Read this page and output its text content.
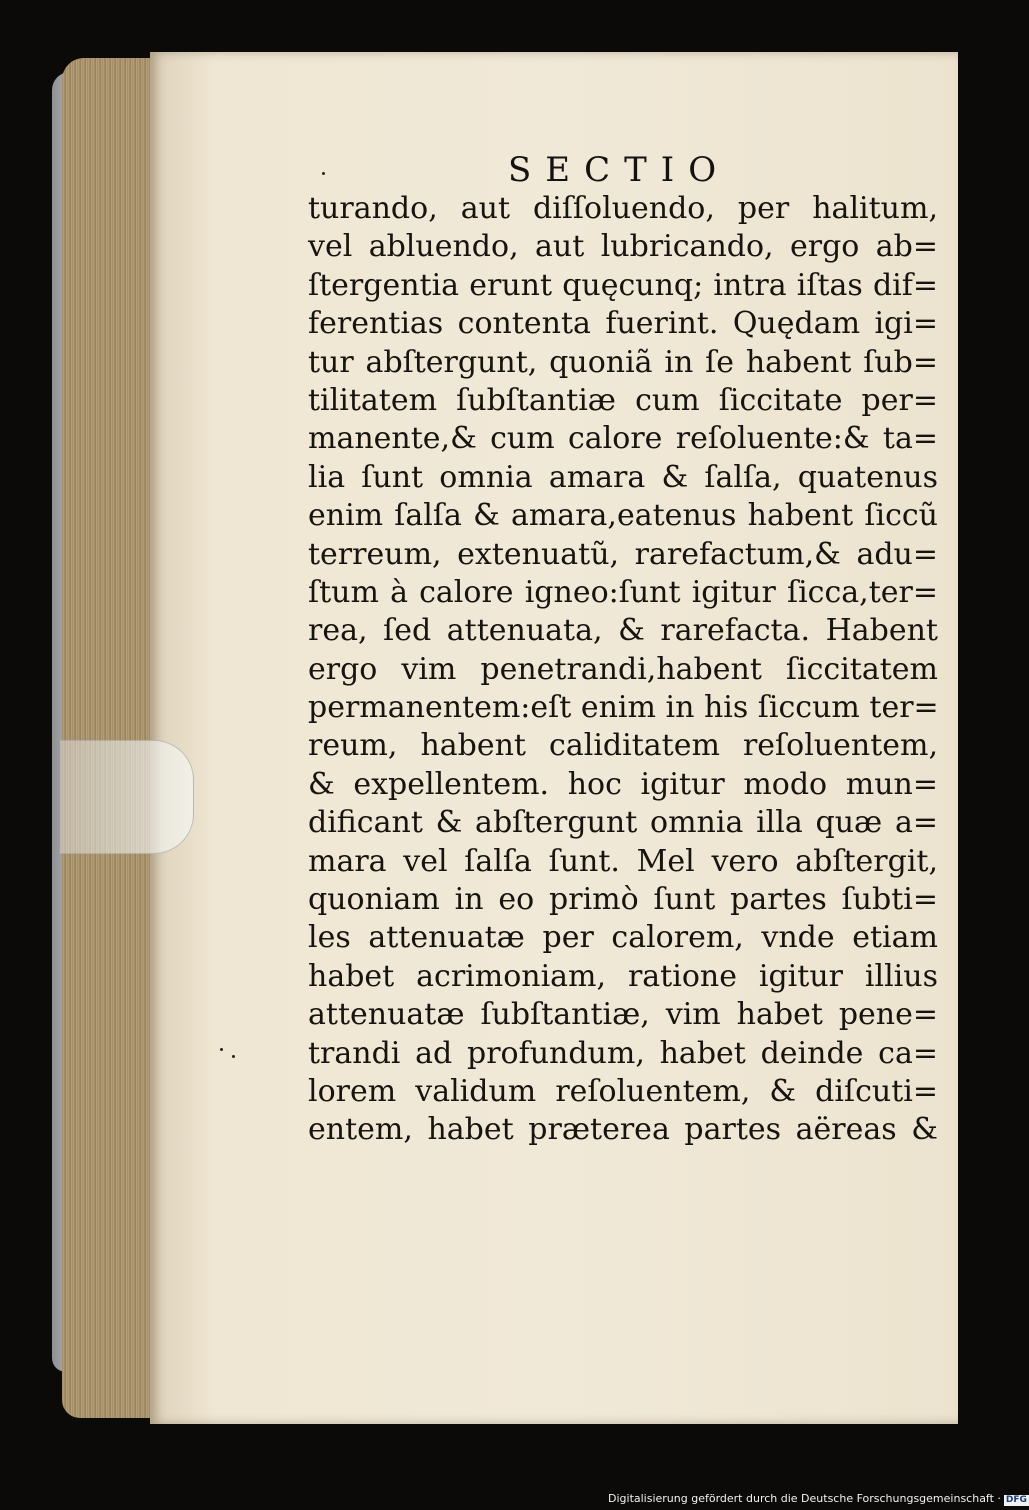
SECTIO
turando, aut diſſoluendo, per halitum,
vel abluendo, aut lubricando, ergo ab=
ſtergentia erunt quęcunq; intra iſtas dif=
ferentias contenta fuerint. Quędam igi=
tur abſtergunt, quoniã in ſe habent ſub=
tilitatem ſubſtantiæ cum ſiccitate per=
manente,& cum calore reſoluente:& ta=
lia ſunt omnia amara & ſalſa, quatenus
enim ſalſa & amara,eatenus habent ſiccũ
terreum, extenuatũ, rarefactum,& adu=
ſtum à calore igneo:ſunt igitur ſicca,ter=
rea, ſed attenuata, & rarefacta. Habent
ergo vim penetrandi,habent ſiccitatem
permanentem:eſt enim in his ſiccum ter=
reum, habent caliditatem reſoluentem,
& expellentem. hoc igitur modo mun=
dificant & abſtergunt omnia illa quæ a=
mara vel ſalſa ſunt. Mel vero abſtergit,
quoniam in eo primò ſunt partes ſubti=
les attenuatæ per calorem, vnde etiam
habet acrimoniam, ratione igitur illius
attenuatæ ſubſtantiæ, vim habet pene=
trandi ad profundum, habet deinde ca=
lorem validum reſoluentem, & diſcuti=
entem, habet præterea partes aëreas &
Digitalisierung gefördert durch die Deutsche Forschungsgemeinschaft · DFG
